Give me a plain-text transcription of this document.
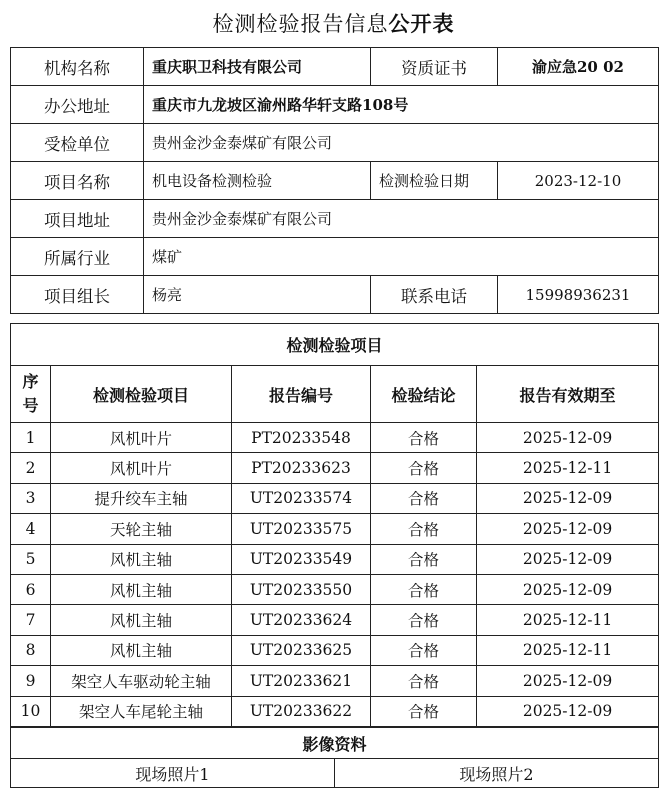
检测检验报告信息公开表
机构名称	重庆职卫科技有限公司	资质证书	渝应急20 02
办公地址	重庆市九龙坡区渝州路华轩支路108号		
受检单位	贵州金沙金泰煤矿有限公司		
项目名称	机电设备检测检验	检测检验日期	2023-12-10
项目地址	贵州金沙金泰煤矿有限公司		
所属行业	煤矿		
项目组长	杨亮	联系电话	15998936231
检测检验项目				
序号	检测检验项目	报告编号	检验结论	报告有效期至
1	风机叶片	PT20233548	合格	2025-12-09
2	风机叶片	PT20233623	合格	2025-12-11
3	提升绞车主轴	UT20233574	合格	2025-12-09
4	天轮主轴	UT20233575	合格	2025-12-09
5	风机主轴	UT20233549	合格	2025-12-09
6	风机主轴	UT20233550	合格	2025-12-09
7	风机主轴	UT20233624	合格	2025-12-11
8	风机主轴	UT20233625	合格	2025-12-11
9	架空人车驱动轮主轴	UT20233621	合格	2025-12-09
10	架空人车尾轮主轴	UT20233622	合格	2025-12-09
影像资料
现场照片1	现场照片2
